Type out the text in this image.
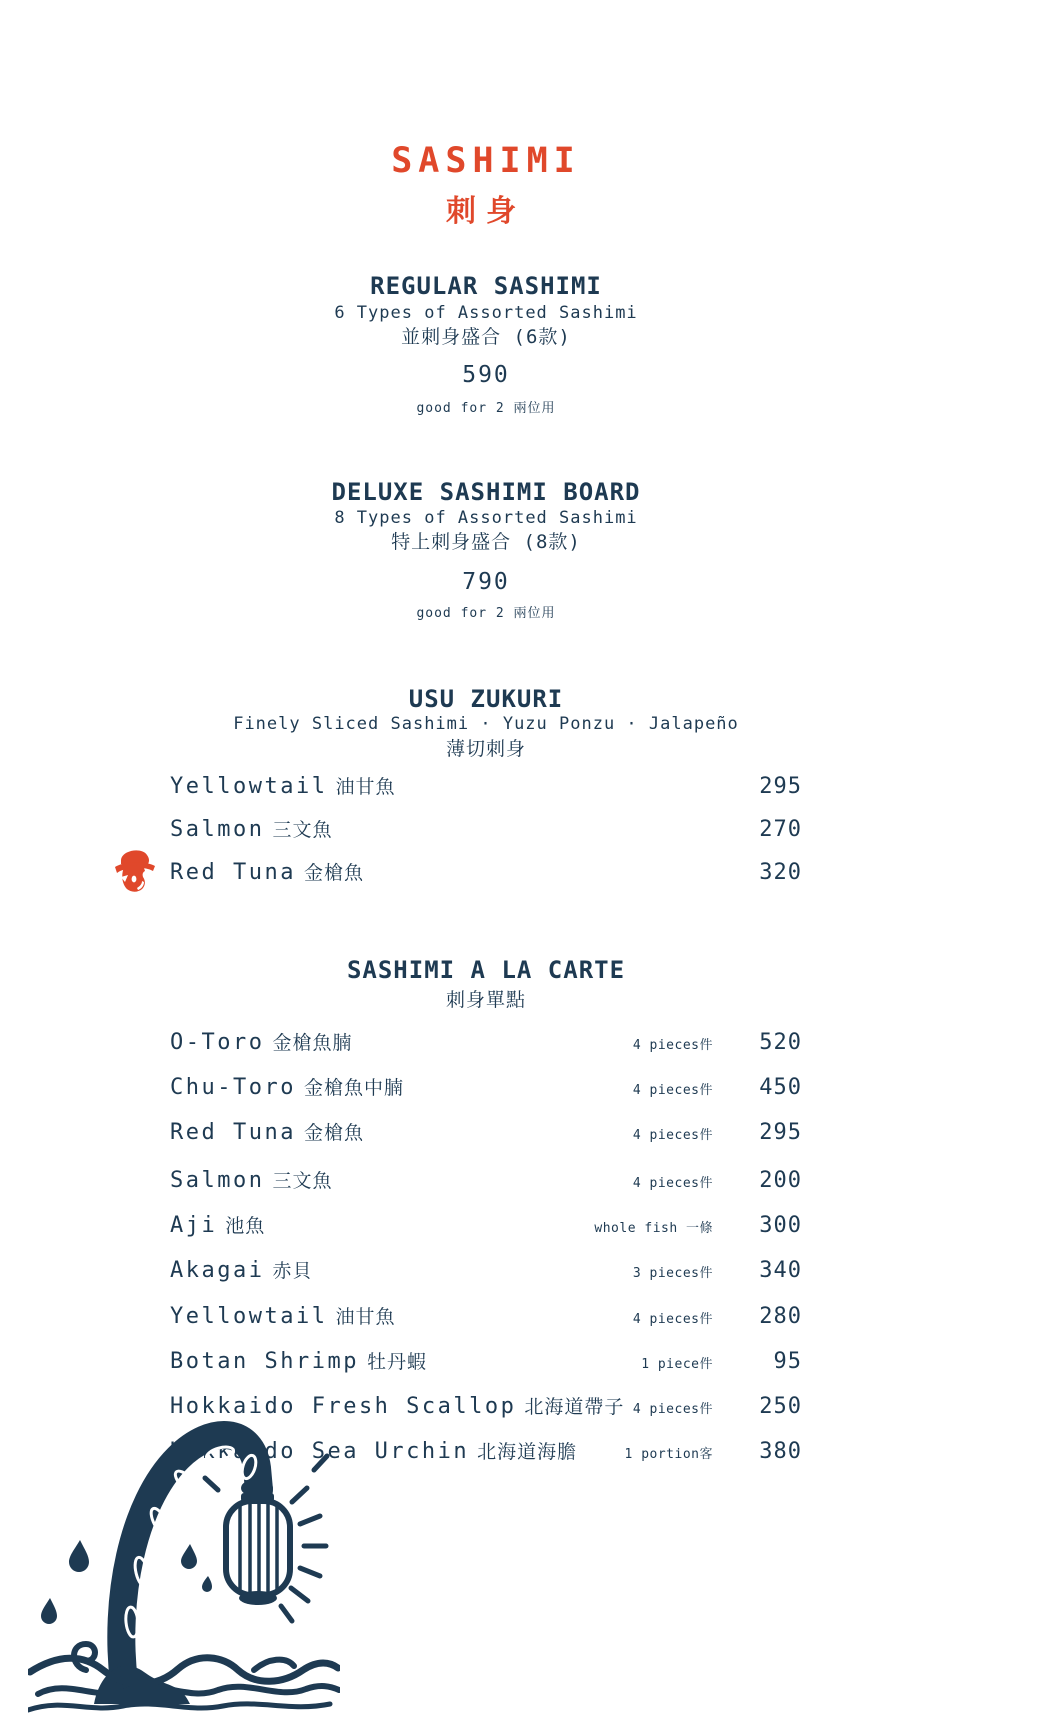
SASHIMI
刺身
REGULAR SASHIMI
6 Types of Assorted Sashimi
並刺身盛合 (6款)
590
good for 2 兩位用
DELUXE SASHIMI BOARD
8 Types of Assorted Sashimi
特上刺身盛合 (8款)
790
good for 2 兩位用
USU ZUKURI
Finely Sliced Sashimi · Yuzu Ponzu · Jalapeño
薄切刺身
Yellowtail 油甘魚	295
Salmon 三文魚	270
Red Tuna 金槍魚	320
SASHIMI A LA CARTE
刺身單點
O-Toro 金槍魚腩	4 pieces件	520
Chu-Toro 金槍魚中腩	4 pieces件	450
Red Tuna 金槍魚	4 pieces件	295
Salmon 三文魚	4 pieces件	200
Aji 池魚	whole fish 一條	300
Akagai 赤貝	3 pieces件	340
Yellowtail 油甘魚	4 pieces件	280
Botan Shrimp 牡丹蝦	1 piece件	95
Hokkaido Fresh Scallop 北海道帶子 4 pieces件	250
Hokkaido Sea Urchin 北海道海膽	1 portion客	380
